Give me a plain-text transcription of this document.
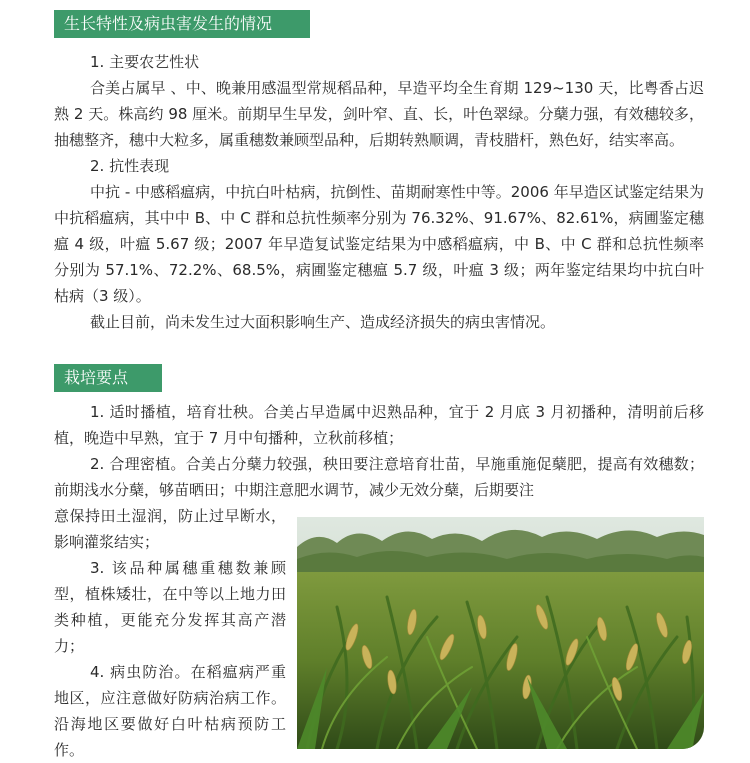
生长特性及病虫害发生的情况
1. 主要农艺性状
合美占属早 、中、晚兼用感温型常规稻品种，早造平均全生育期 129~130 天，比粤香占迟熟 2 天。株高约 98 厘米。前期早生早发，剑叶窄、直、长，叶色翠绿。分蘖力强，有效穗较多，抽穗整齐，穗中大粒多，属重穗数兼顾型品种，后期转熟顺调，青枝腊杆，熟色好，结实率高。
2. 抗性表现
中抗 - 中感稻瘟病，中抗白叶枯病，抗倒性、苗期耐寒性中等。2006 年早造区试鉴定结果为中抗稻瘟病，其中中 B、中 C 群和总抗性频率分别为 76.32%、91.67%、82.61%，病圃鉴定穗瘟 4 级，叶瘟 5.67 级；2007 年早造复试鉴定结果为中感稻瘟病，中 B、中 C 群和总抗性频率分别为 57.1%、72.2%、68.5%，病圃鉴定穗瘟 5.7 级，叶瘟 3 级；两年鉴定结果均中抗白叶枯病（3 级）。
截止目前，尚未发生过大面积影响生产、造成经济损失的病虫害情况。
栽培要点
1. 适时播植，培育壮秧。合美占早造属中迟熟品种，宜于 2 月底 3 月初播种，清明前后移植，晚造中早熟，宜于 7 月中旬播种，立秋前移植；
2. 合理密植。合美占分蘖力较强，秧田要注意培育壮苗，早施重施促蘖肥，提高有效穗数；前期浅水分蘖，够苗晒田；中期注意肥水调节，减少无效分蘖，后期要注
意保持田土湿润，防止过早断水，影响灌浆结实；
3. 该品种属穗重穗数兼顾型，植株矮壮，在中等以上地力田类种植，更能充分发挥其高产潜力；
4. 病虫防治。在稻瘟病严重地区，应注意做好防病治病工作。沿海地区要做好白叶枯病预防工作。
